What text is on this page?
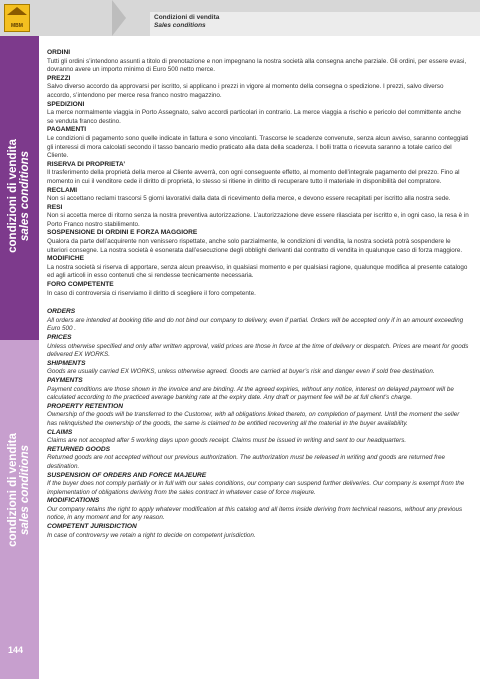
condizioni di vendita sales conditions
condizioni di vendita sales conditions
144
MBM
Condizioni di vendita
Sales conditions
ORDINI

Tutti gli ordini s’intendono assunti a titolo di prenotazione e non impegnano la nostra società alla consegna anche parziale. Gli ordini, per essere evasi, dovranno avere un importo minimo di Euro 500 netto merce.

PREZZI

Salvo diverso accordo da approvarsi per iscritto, si applicano i prezzi in vigore al momento della consegna o spedizione. I prezzi, salvo diverso accordo, s’intendono per merce resa franco nostro magazzino.

SPEDIZIONI

La merce normalmente viaggia in Porto Assegnato, salvo accordi particolari in contrario. La merce viaggia a rischio e pericolo del committente anche se venduta franco destino.

PAGAMENTI

Le condizioni di pagamento sono quelle indicate in fattura e sono vincolanti. Trascorse le scadenze convenute, senza alcun avviso, saranno conteggiati gli interessi di mora calcolati secondo il tasso bancario medio praticato alla data della scadenza. I bolli tratta o ricevuta saranno a totale carico del Cliente.

RISERVA DI PROPRIETA’

Il trasferimento della proprietà della merce al Cliente avverrà, con ogni conseguente effetto, al momento dell’integrale pagamento del prezzo. Fino al momento in cui il venditore cede il diritto di proprietà, lo stesso si ritiene in diritto di recuperare tutto il materiale in disponibilità del compratore.

RECLAMI

Non si accettano reclami trascorsi 5 giorni lavorativi dalla data di ricevimento della merce, e devono essere recapitati per iscritto alla nostra sede.

RESI

Non si accetta merce di ritorno senza la nostra preventiva autorizzazione. L’autorizzazione deve essere rilasciata per iscritto e, in ogni caso, la resa è in Porto Franco nostro stabilimento.

SOSPENSIONE DI ORDINI E FORZA MAGGIORE

Qualora da parte dell’acquirente non venissero rispettate, anche solo parzialmente, le condizioni di vendita, la nostra società potrà sospendere le ulteriori consegne. La nostra società è esonerata dall’esecuzione degli obblighi derivanti dal contratto di vendita in qualunque caso di forza maggiore.

MODIFICHE

La nostra società si riserva di apportare, senza alcun preavviso, in qualsiasi momento e per qualsiasi ragione, qualunque modifica al presente catalogo ed agli articoli in esso contenuti che si rendesse tecnicamente necessaria.

FORO COMPETENTE

In caso di controversia ci riserviamo il diritto di scegliere il foro competente.

ORDERS

All orders are intended at booking title and do not bind our company to delivery, even if partial. Orders will be accepted only if in an amount exceeding Euro 500 .

PRICES

Unless otherwise specified and only after written approval, valid prices are those in force at the time of delivery or despatch. Prices are meant for goods delivered EX WORKS.

SHIPMENTS

Goods are usually carried EX WORKS, unless otherwise agreed. Goods are carried at buyer’s risk and danger even if sold free destination.

PAYMENTS

Payment conditions are those shown in the invoice and are binding. At the agreed expiries, without any notice, interest on delayed payment will be calculated according to the practiced average banking rate at the expiry date. Any draft or payment fee will be at full client’s charge.

PROPERTY RETENTION

Ownership of the goods will be transferred to the Customer, with all obligations linked thereto, on completion of payment. Until the moment the seller has relinquished the ownership of the goods, the same is claimed to be entitled recovering all the material in the buyer availability.

CLAIMS

Claims are not accepted after 5 working days upon goods receipt. Claims must be issued in writing and sent to our headquarters.

RETURNED GOODS

Returned goods are not accepted without our previous authorization. The authorization must be released in writing and goods are returned free destination.

SUSPENSION OF ORDERS AND FORCE MAJEURE

If the buyer does not comply partially or in full with our sales conditions, our company can suspend further deliveries. Our company is exempt from the implementation of obligations deriving from the sales contract in whatever case of force majeure.

MODIFICATIONS

Our company retains the right to apply whatever modification at this catalog and all items inside deriving from technical reasons, without any previous notice, in any moment and for any reason.

COMPETENT JURISDICTION

In case of controversy we retain a right to decide on competent jurisdiction.
